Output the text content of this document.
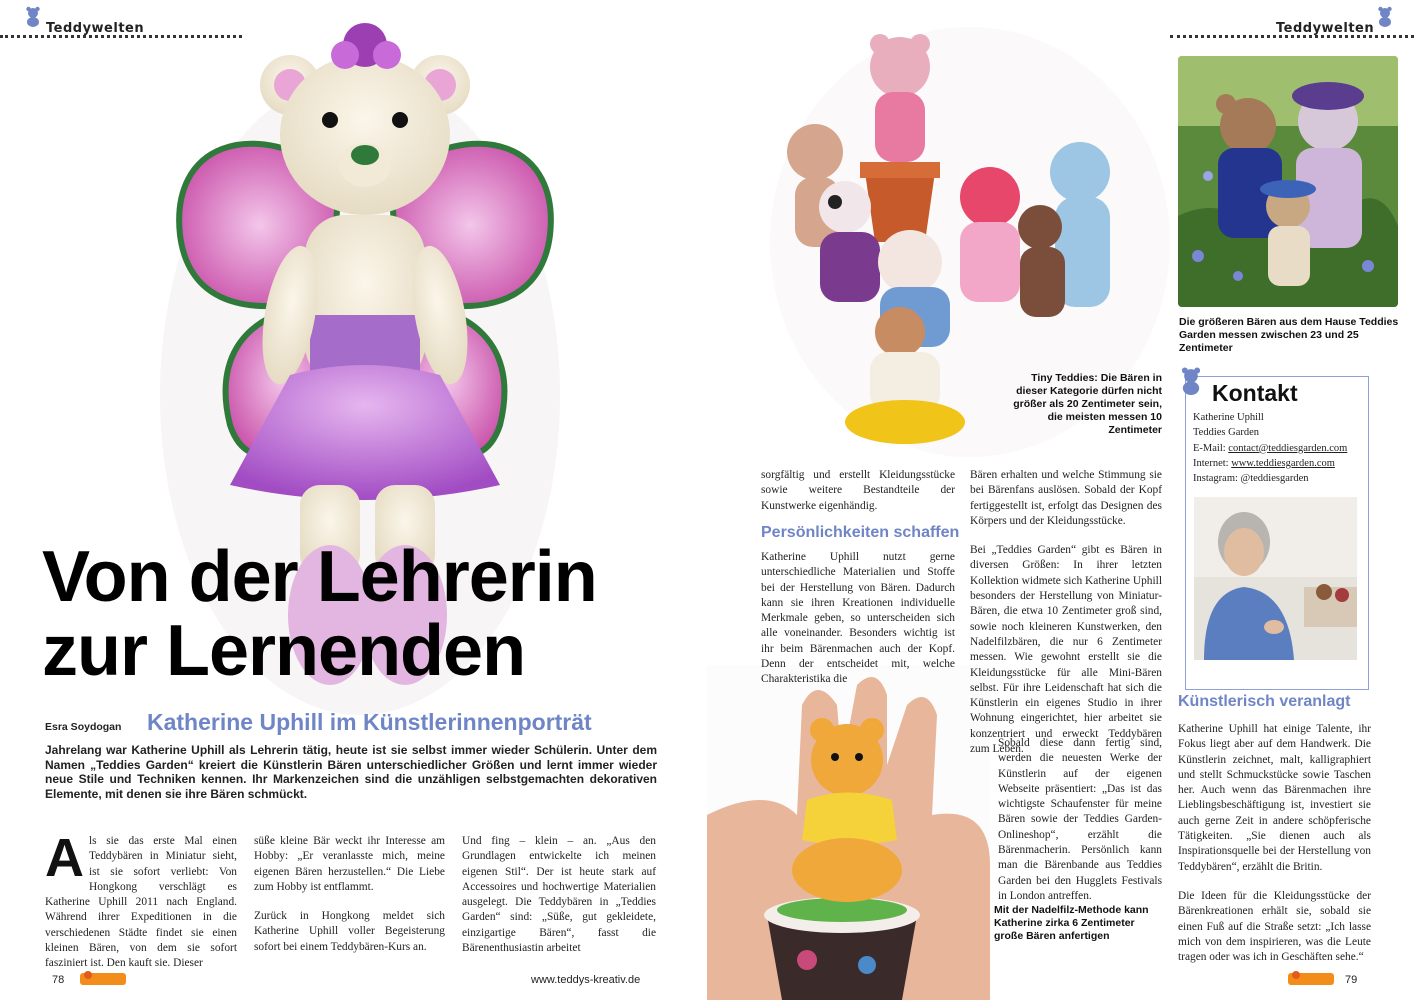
Teddywelten	Teddywelten
Von der Lehrerin
zur Lernenden
Esra Soydogan Katherine Uphill im Künstlerinnenporträt
Jahrelang war Katherine Uphill als Lehrerin tätig, heute ist sie selbst immer wieder Schülerin. Unter dem Namen „Teddies Garden“ kreiert die Künstlerin Bären unterschiedlicher Größen und lernt immer wieder neue Stile und Techniken kennen. Ihr Markenzeichen sind die unzähligen selbstgemachten dekorativen Elemente, mit denen sie ihre Bären schmückt.
Als sie das erste Mal einen Teddybären in Miniatur sieht, ist sie sofort verliebt: Von Hongkong verschlägt es Katherine Uphill 2011 nach England. Während ihrer Expeditionen in die verschiedenen Städte findet sie einen kleinen Bären, von dem sie sofort fasziniert ist. Den kauft sie. Dieser

süße kleine Bär weckt ihr Interesse am Hobby: „Er veranlasste mich, meine eigenen Bären herzustellen.“ Die Liebe zum Hobby ist entflammt.

Zurück in Hongkong meldet sich Katherine Uphill voller Begeisterung sofort bei einem Teddybären-Kurs an.

Und fing – klein – an. „Aus den Grundlagen entwickelte ich meinen eigenen Stil“. Der ist heute stark auf Accessoires und hochwertige Materialien ausgelegt. Die Teddybären in „Teddies Garden“ sind: „Süße, gut gekleidete, einzigartige Bären“, fasst die Bärenenthusiastin arbeitet

78	www.teddys-kreativ.de
Tiny Teddies: Die Bären in dieser Kategorie dürfen nicht größer als 20 Zentimeter sein, die meisten messen 10 Zentimeter
Die größeren Bären aus dem Hause Teddies Garden messen zwischen 23 und 25 Zentimeter
Kontakt
Katherine Uphill
Teddies Garden
E-Mail: contact@teddiesgarden.com
Internet: www.teddiesgarden.com
Instagram: @teddiesgarden
Künstlerisch veranlagt

sorgfältig und erstellt Kleidungsstücke sowie weitere Bestandteile der Kunstwerke eigenhändig.

Persönlichkeiten schaffen

Katherine Uphill nutzt gerne unterschiedliche Materialien und Stoffe bei der Herstellung von Bären. Dadurch kann sie ihren Kreationen individuelle Merkmale geben, so unterscheiden sich alle voneinander. Besonders wichtig ist ihr beim Bärenmachen auch der Kopf. Denn der entscheidet mit, welche Charakteristika die

Bären erhalten und welche Stimmung sie bei Bärenfans auslösen. Sobald der Kopf fertiggestellt ist, erfolgt das Designen des Körpers und der Kleidungsstücke.

Bei „Teddies Garden“ gibt es Bären in diversen Größen: In ihrer letzten Kollektion widmete sich Katherine Uphill besonders der Herstellung von Miniatur-Bären, die etwa 10 Zentimeter groß sind, sowie noch kleineren Kunstwerken, den Nadelfilzbären, die nur 6 Zentimeter messen. Wie gewohnt erstellt sie die Kleidungsstücke für alle Mini-Bären selbst. Für ihre Leidenschaft hat sich die Künstlerin ein eigenes Studio in ihrer Wohnung eingerichtet, hier arbeitet sie konzentriert und erweckt Teddybären zum Leben.

Sobald diese dann fertig sind, werden die neuesten Werke der Künstlerin auf der eigenen Webseite präsentiert: „Das ist das wichtigste Schaufenster für meine Bären sowie der Teddies Garden-Onlineshop“, erzählt die Bärenmacherin. Persönlich kann man die Bärenbande aus Teddies Garden bei den Hugglets Festivals in London antreffen.

Mit der Nadelfilz-Methode kann Katherine zirka 6 Zentimeter große Bären anfertigen

Katherine Uphill hat einige Talente, ihr Fokus liegt aber auf dem Handwerk. Die Künstlerin zeichnet, malt, kalligraphiert und stellt Schmuckstücke sowie Taschen her. Auch wenn das Bärenmachen ihre Lieblingsbeschäftigung ist, investiert sie auch gerne Zeit in andere schöpferische Tätigkeiten. „Sie dienen auch als Inspirationsquelle bei der Herstellung von Teddybären“, erzählt die Britin.

Die Ideen für die Kleidungsstücke der Bärenkreationen erhält sie, sobald sie einen Fuß auf die Straße setzt: „Ich lasse mich von dem inspirieren, was die Leute tragen oder was ich in Geschäften sehe.“

79
